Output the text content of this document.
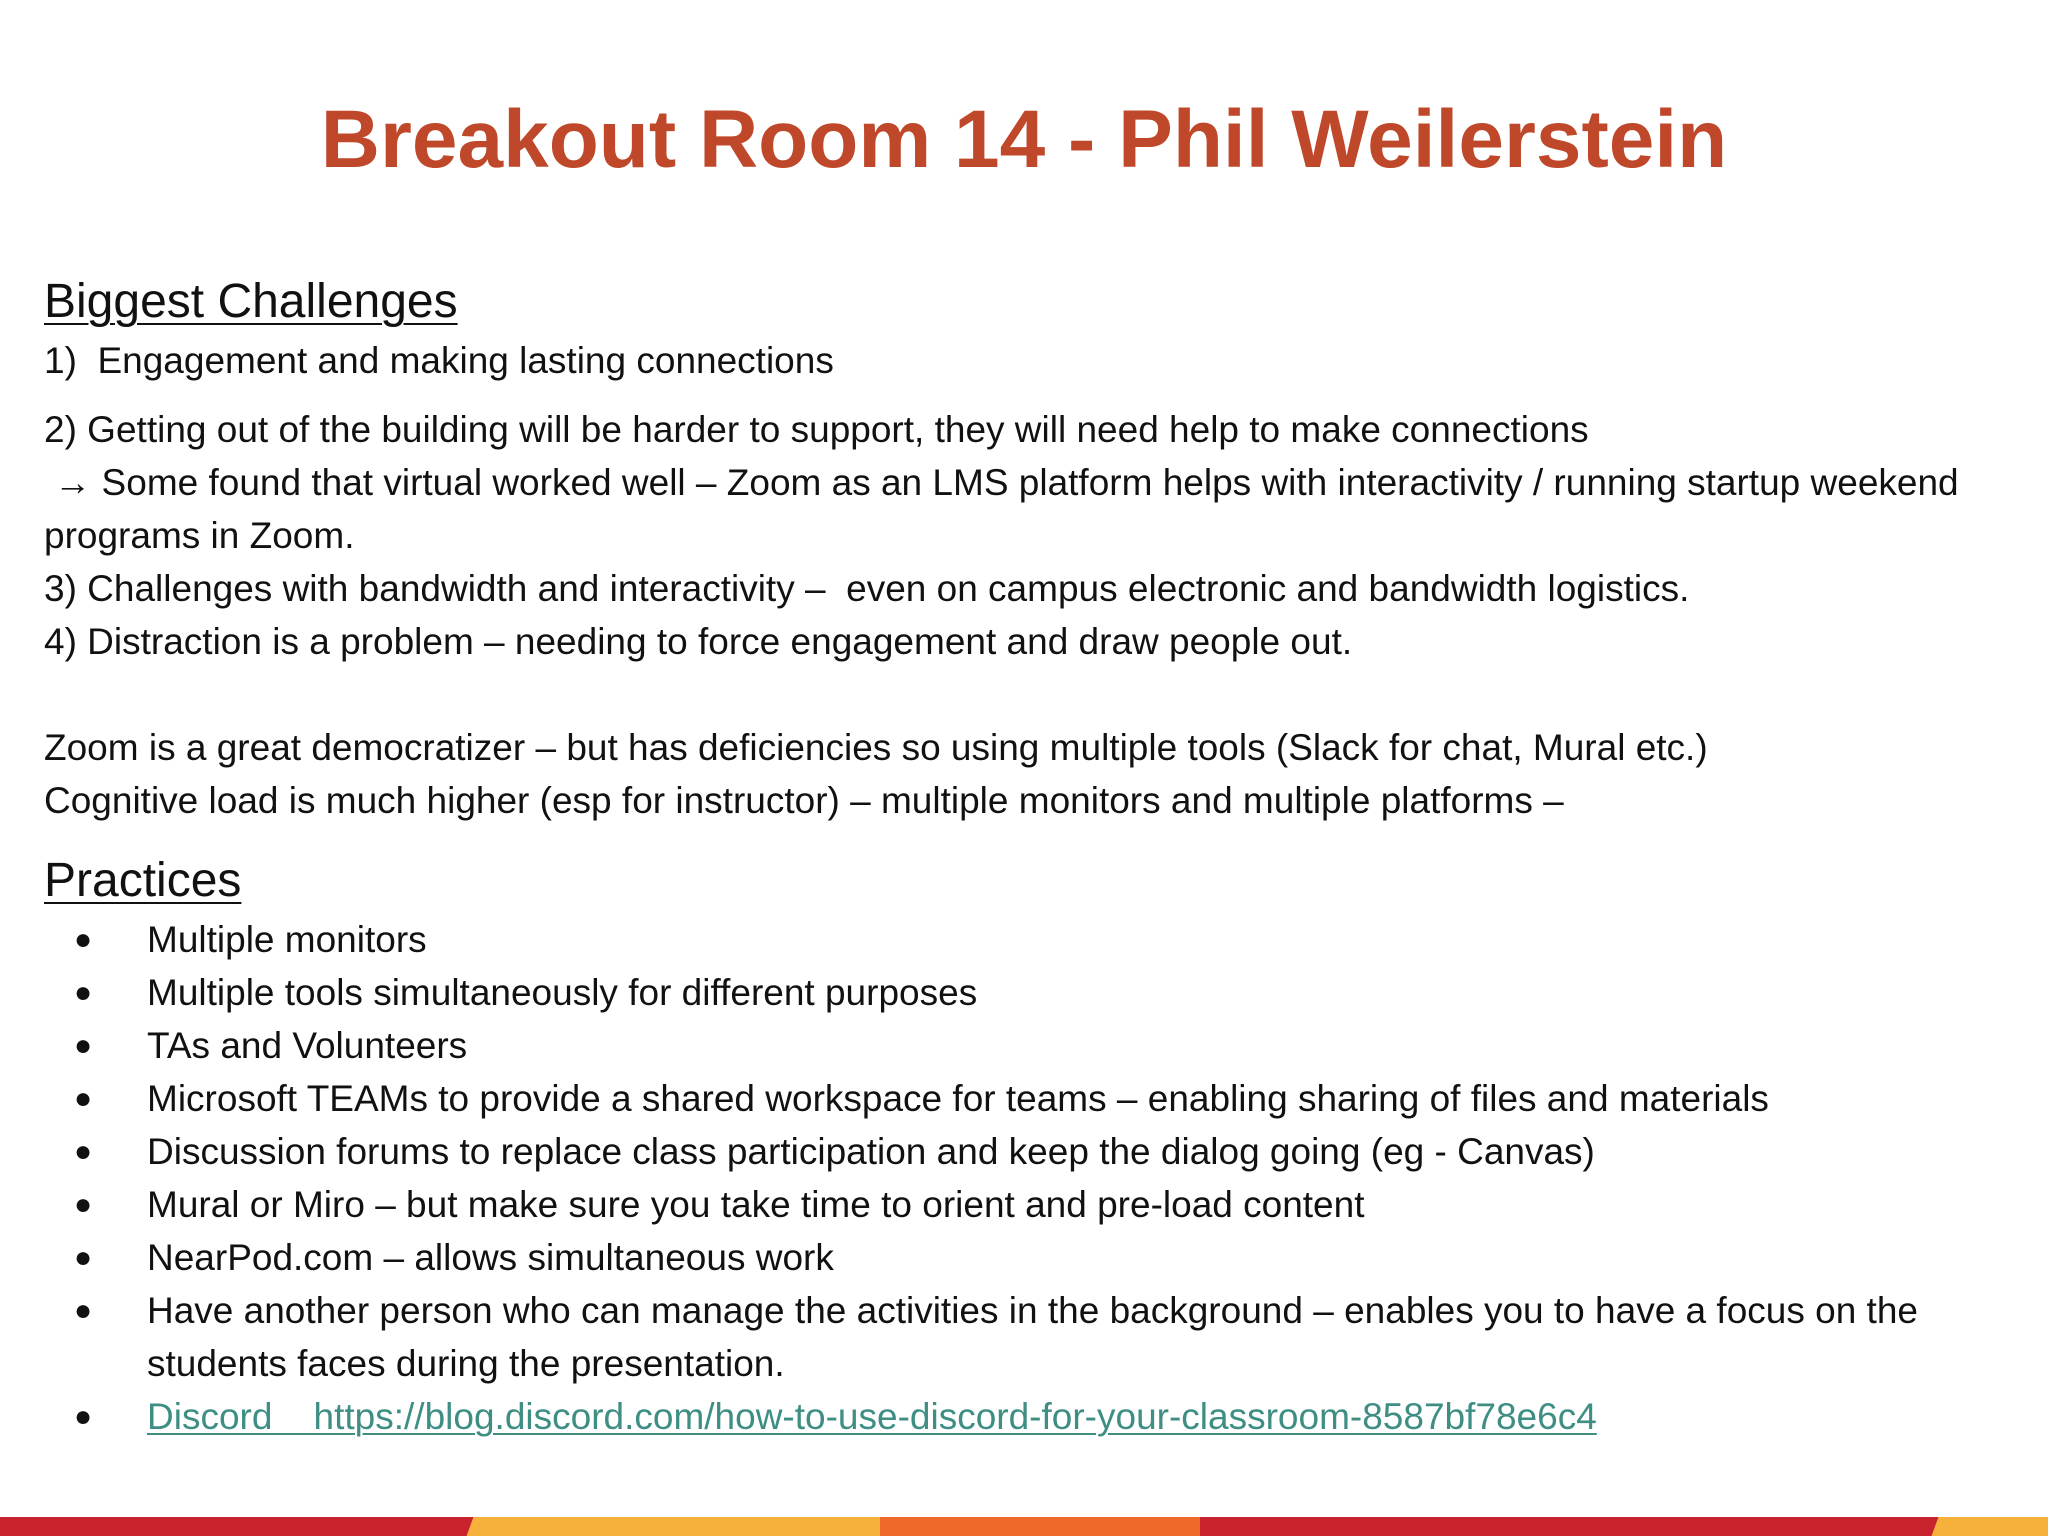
Breakout Room 14 - Phil Weilerstein
Biggest Challenges

1)  Engagement and making lasting connections

2) Getting out of the building will be harder to support, they will need help to make connections

→ Some found that virtual worked well – Zoom as an LMS platform helps with interactivity / running startup weekend programs in Zoom.

3) Challenges with bandwidth and interactivity –  even on campus electronic and bandwidth logistics.

4) Distraction is a problem – needing to force engagement and draw people out.

Zoom is a great democratizer – but has deficiencies so using multiple tools (Slack for chat, Mural etc.)

Cognitive load is much higher (esp for instructor) – multiple monitors and multiple platforms –

Practices
● Multiple monitors
● Multiple tools simultaneously for different purposes
● TAs and Volunteers
● Microsoft TEAMs to provide a shared workspace for teams – enabling sharing of files and materials
● Discussion forums to replace class participation and keep the dialog going (eg - Canvas)
● Mural or Miro – but make sure you take time to orient and pre-load content
● NearPod.com – allows simultaneous work
● Have another person who can manage the activities in the background – enables you to have a focus on the students faces during the presentation.
● Discord    https://blog.discord.com/how-to-use-discord-for-your-classroom-8587bf78e6c4
